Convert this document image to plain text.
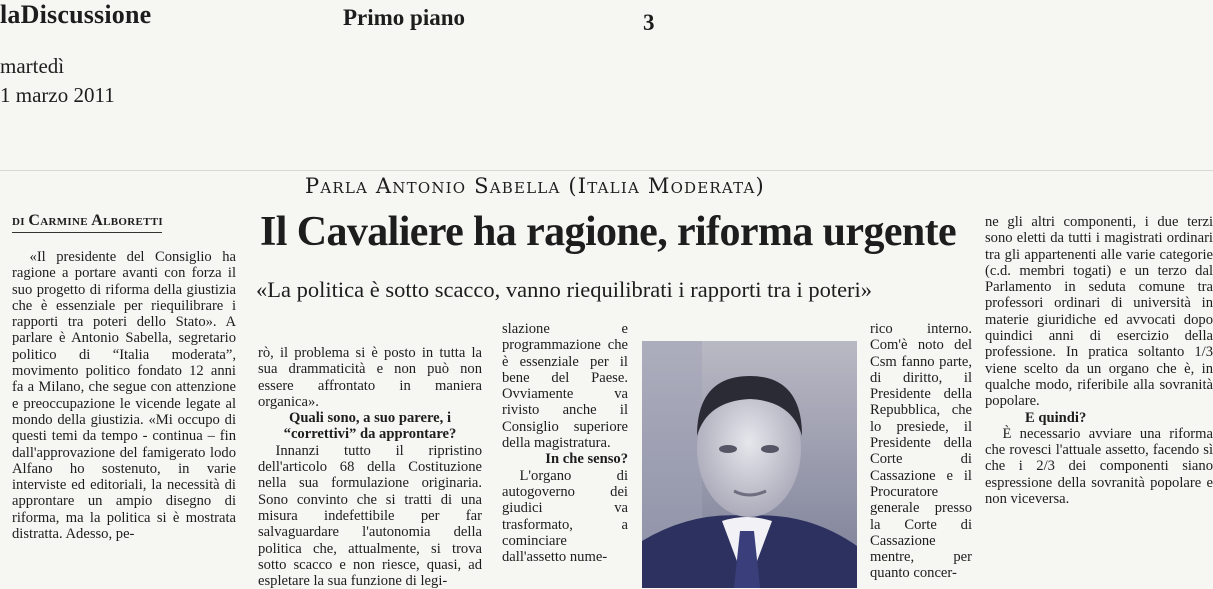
laDiscussione	Primo piano	3
martedì
1 marzo 2011
DI Carmine Alboretti
Parla Antonio Sabella (Italia Moderata)
Il Cavaliere ha ragione, riforma urgente
«La politica è sotto scacco, vanno riequilibrati i rapporti tra i poteri»

«Il presidente del Consiglio ha ragione a portare avanti con forza il suo progetto di riforma della giustizia che è essenziale per riequilibrare i rapporti tra poteri dello Stato». A parlare è Antonio Sabella, segretario politico di “Italia moderata”, movimento politico fondato 12 anni fa a Milano, che segue con attenzione e preoccupazione le vicende legate al mondo della giustizia. «Mi occupo di questi temi da tempo - continua – fin dall'approvazione del famigerato lodo Alfano ho sostenuto, in varie interviste ed editoriali, la necessità di approntare un ampio disegno di riforma, ma la politica si è mostrata distratta. Adesso, pe-

rò, il problema si è posto in tutta la sua drammaticità e non può non essere affrontato in maniera organica».

Quali sono, a suo parere, i “correttivi” da approntare?

Innanzi tutto il ripristino dell'articolo 68 della Costituzione nella sua formulazione originaria. Sono convinto che si tratti di una misura indefettibile per far salvaguardare l'autonomia della politica che, attualmente, si trova sotto scacco e non riesce, quasi, ad espletare la sua funzione di legi-

slazione e programmazione che è essenziale per il bene del Paese. Ovviamente va rivisto anche il Consiglio superiore della magistratura.

In che senso?

L'organo di autogoverno dei giudici va trasformato, a cominciare dall'assetto nume-

rico interno. Com'è noto del Csm fanno parte, di diritto, il Presidente della Repubblica, che lo presiede, il Presidente della Corte di Cassazione e il Procuratore generale presso la Corte di Cassazione mentre, per quanto concer-

ne gli altri componenti, i due terzi sono eletti da tutti i magistrati ordinari tra gli appartenenti alle varie categorie (c.d. membri togati) e un terzo dal Parlamento in seduta comune tra professori ordinari di università in materie giuridiche ed avvocati dopo quindici anni di esercizio della professione. In pratica soltanto 1/3 viene scelto da un organo che è, in qualche modo, riferibile alla sovranità popolare.

E quindi?

È necessario avviare una riforma che rovesci l'attuale assetto, facendo sì che i 2/3 dei componenti siano espressione della sovranità popolare e non viceversa.
